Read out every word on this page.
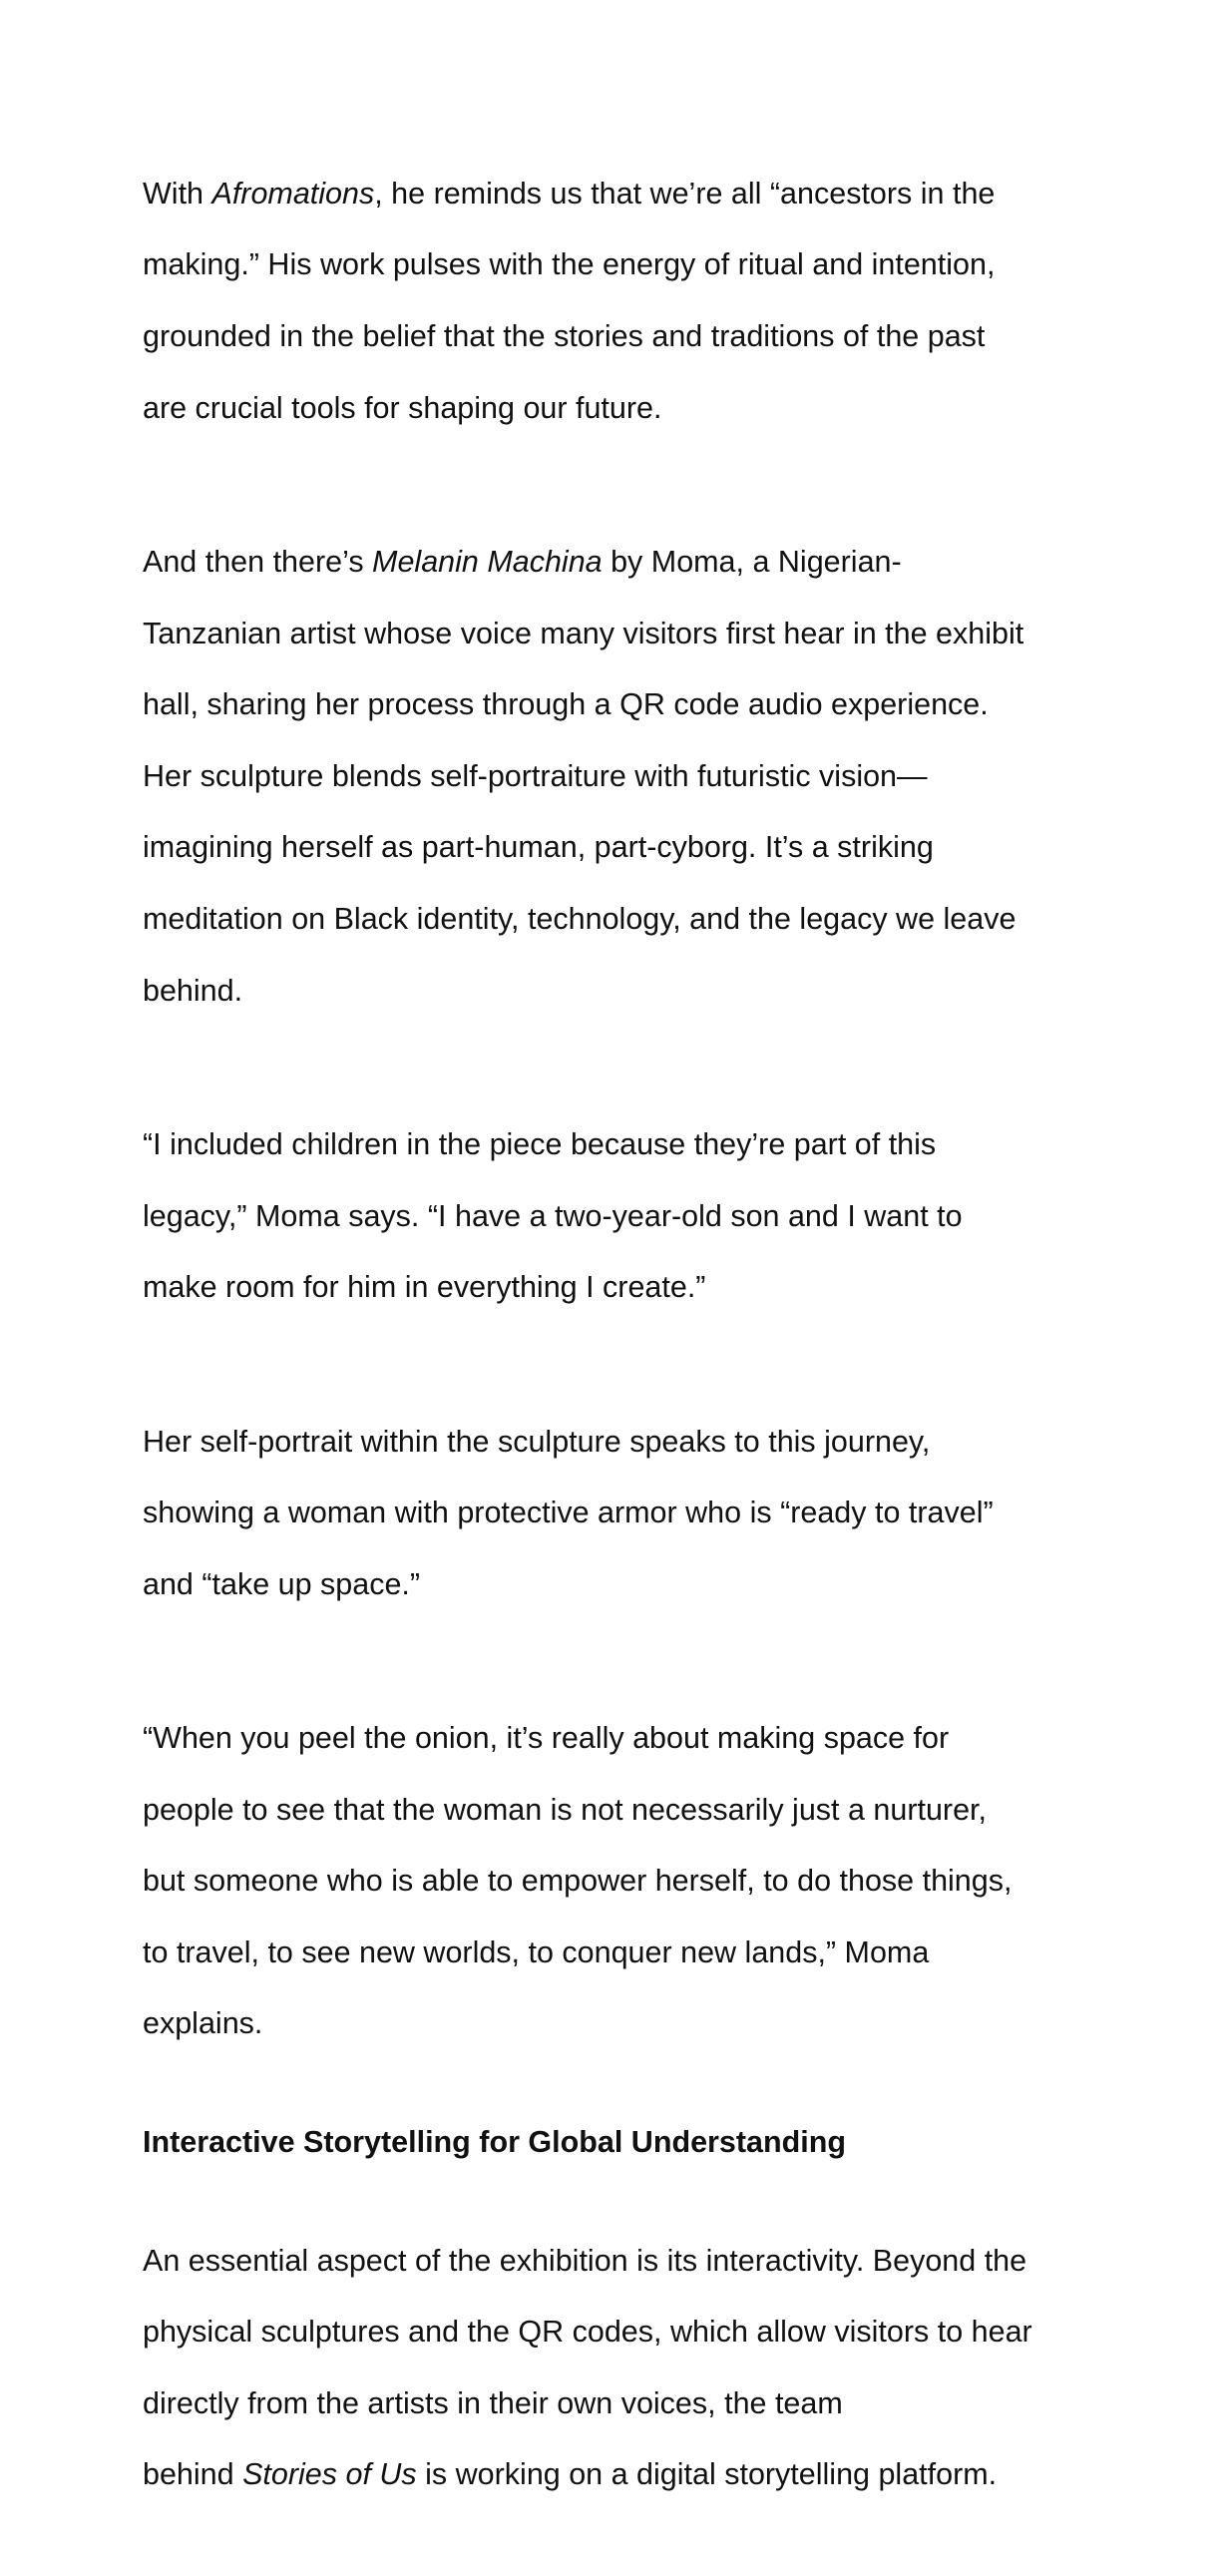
With Afromations, he reminds us that we’re all “ancestors in the

making.” His work pulses with the energy of ritual and intention,

grounded in the belief that the stories and traditions of the past

are crucial tools for shaping our future.

And then there’s Melanin Machina by Moma, a Nigerian-

Tanzanian artist whose voice many visitors first hear in the exhibit

hall, sharing her process through a QR code audio experience.

Her sculpture blends self-portraiture with futuristic vision—

imagining herself as part-human, part-cyborg. It’s a striking

meditation on Black identity, technology, and the legacy we leave

behind.

“I included children in the piece because they’re part of this

legacy,” Moma says. “I have a two-year-old son and I want to

make room for him in everything I create.”

Her self-portrait within the sculpture speaks to this journey,

showing a woman with protective armor who is “ready to travel”

and “take up space.”

“When you peel the onion, it’s really about making space for

people to see that the woman is not necessarily just a nurturer,

but someone who is able to empower herself, to do those things,

to travel, to see new worlds, to conquer new lands,” Moma

explains.

Interactive Storytelling for Global Understanding

An essential aspect of the exhibition is its interactivity. Beyond the

physical sculptures and the QR codes, which allow visitors to hear

directly from the artists in their own voices, the team

behind Stories of Us is working on a digital storytelling platform.
